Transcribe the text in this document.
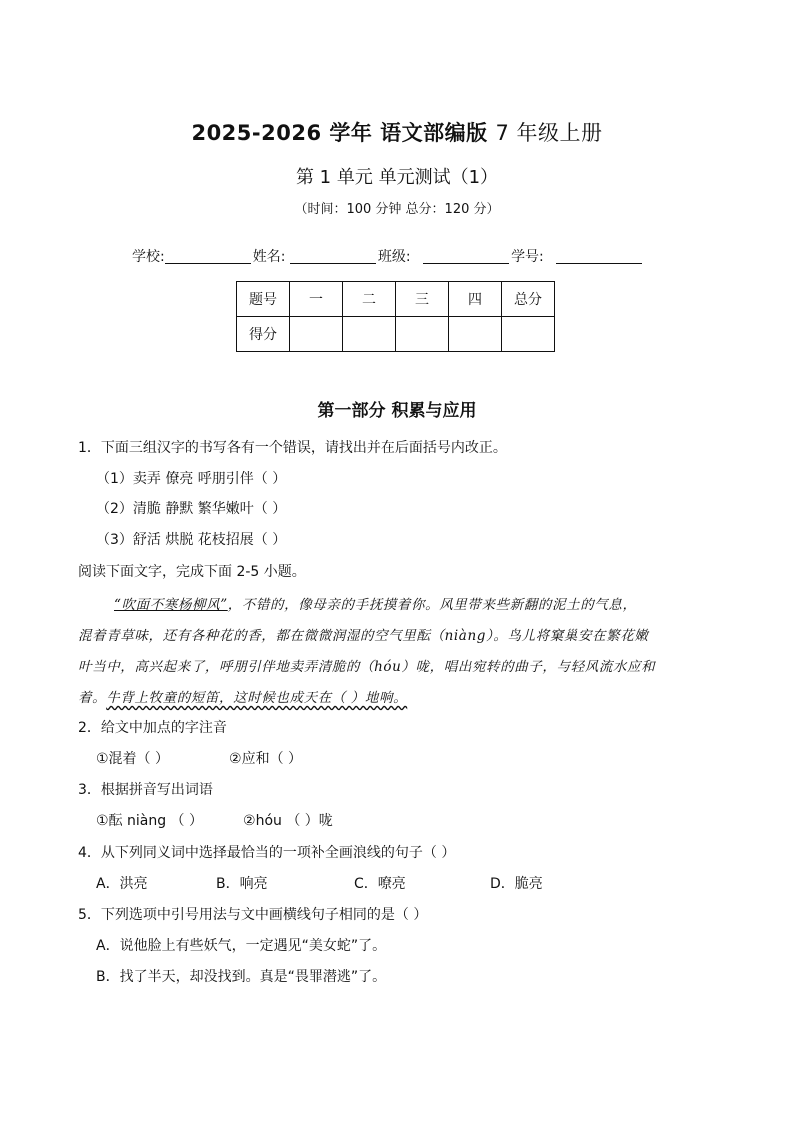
2025-2026 学年 语文部编版 7 年级上册
第 1 单元 单元测试（1）
（时间：100 分钟 总分：120 分）
学校:	姓名:	班级:	学号:
题号	一	二	三	四	总分
得分					
第一部分 积累与应用
1．下面三组汉字的书写各有一个错误，请找出并在后面括号内改正。
（1）卖弄 僚亮 呼朋引伴（ ）
（2）清脆 静默 繁华嫩叶（ ）
（3）舒活 烘脱 花枝招展（ ）
阅读下面文字，完成下面 2-5 小题。
“吹面不寒杨柳风”，不错的，像母亲的手抚摸着你。风里带来些新翻的泥土的气息，
混着青草味，还有各种花的香，都在微微润湿的空气里酝（niàng）。鸟儿将窠巢安在繁花嫩
叶当中，高兴起来了，呼朋引伴地卖弄清脆的（hóu）咙，唱出宛转的曲子，与轻风流水应和
着。牛背上牧童的短笛，这时候也成天在（ ）地响。
2．给文中加点的字注音
①混着（ ）	②应和（ ）
3．根据拼音写出词语
①酝 niàng （ ）	②hóu （ ）咙
4．从下列同义词中选择最恰当的一项补全画浪线的句子（ ）
A．洪亮	B．响亮	C．嘹亮	D．脆亮
5．下列选项中引号用法与文中画横线句子相同的是（ ）
A．说他脸上有些妖气，一定遇见“美女蛇”了。
B．找了半天，却没找到。真是“畏罪潜逃”了。
